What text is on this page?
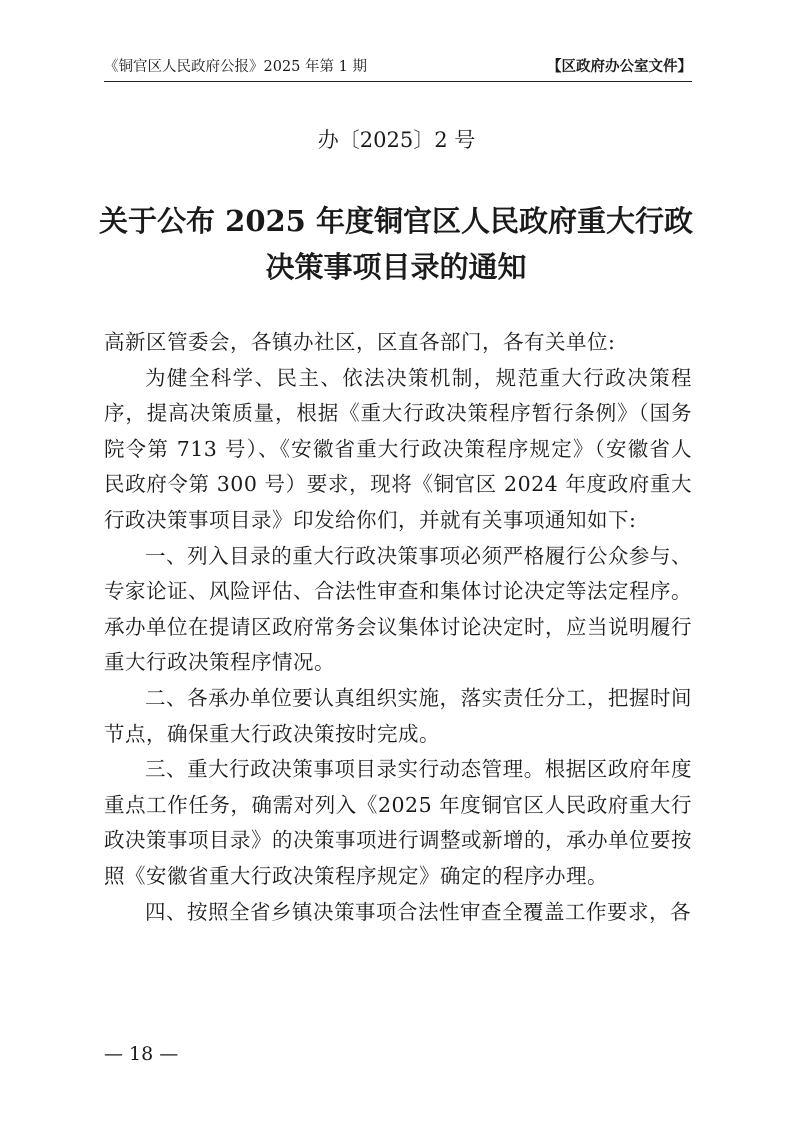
《铜官区人民政府公报》2025 年第 1 期	【区政府办公室文件】
办〔2025〕2 号
关于公布 2025 年度铜官区人民政府重大行政决策事项目录的通知

高新区管委会，各镇办社区，区直各部门，各有关单位:

为健全科学、民主、依法决策机制，规范重大行政决策程序，提高决策质量，根据《重大行政决策程序暂行条例》（国务院令第 713 号）、《安徽省重大行政决策程序规定》（安徽省人民政府令第 300 号）要求，现将《铜官区 2024 年度政府重大行政决策事项目录》印发给你们，并就有关事项通知如下:

一、列入目录的重大行政决策事项必须严格履行公众参与、专家论证、风险评估、合法性审查和集体讨论决定等法定程序。承办单位在提请区政府常务会议集体讨论决定时，应当说明履行重大行政决策程序情况。

二、各承办单位要认真组织实施，落实责任分工，把握时间节点，确保重大行政决策按时完成。

三、重大行政决策事项目录实行动态管理。根据区政府年度重点工作任务，确需对列入《2025 年度铜官区人民政府重大行政决策事项目录》的决策事项进行调整或新增的，承办单位要按照《安徽省重大行政决策程序规定》确定的程序办理。

四、按照全省乡镇决策事项合法性审查全覆盖工作要求，各

— 18 —
